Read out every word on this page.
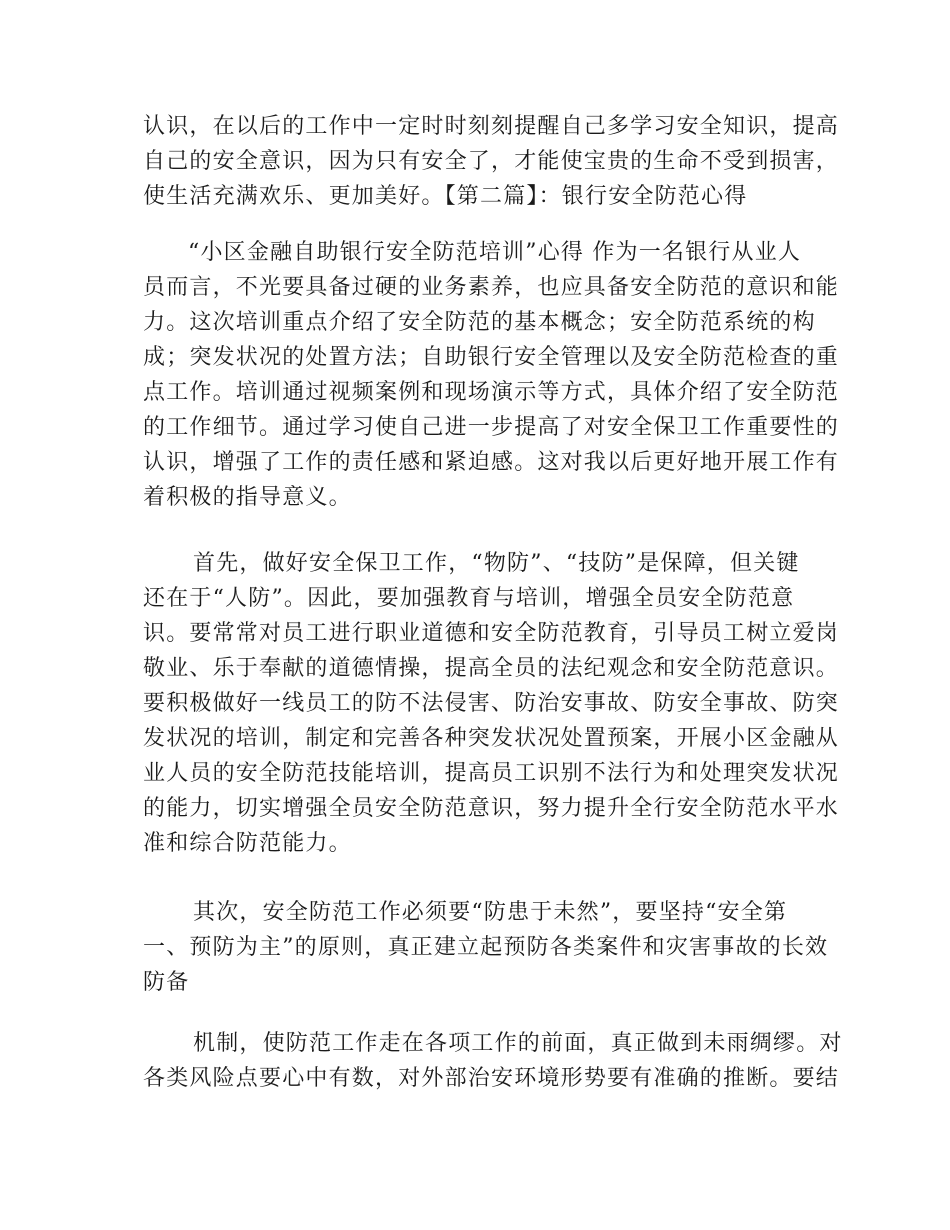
认识，在以后的工作中一定时时刻刻提醒自己多学习安全知识，提高
自己的安全意识，因为只有安全了，才能使宝贵的生命不受到损害，
使生活充满欢乐、更加美好。【第二篇】：银行安全防范心得
“小区金融自助银行安全防范培训”心得 作为一名银行从业人
员而言，不光要具备过硬的业务素养，也应具备安全防范的意识和能
力。这次培训重点介绍了安全防范的基本概念；安全防范系统的构
成；突发状况的处置方法；自助银行安全管理以及安全防范检查的重
点工作。培训通过视频案例和现场演示等方式，具体介绍了安全防范
的工作细节。通过学习使自己进一步提高了对安全保卫工作重要性的
认识，增强了工作的责任感和紧迫感。这对我以后更好地开展工作有
着积极的指导意义。
首先，做好安全保卫工作，“物防”、“技防”是保障，但关键
还在于“人防”。因此，要加强教育与培训，增强全员安全防范意
识。要常常对员工进行职业道德和安全防范教育，引导员工树立爱岗
敬业、乐于奉献的道德情操，提高全员的法纪观念和安全防范意识。
要积极做好一线员工的防不法侵害、防治安事故、防安全事故、防突
发状况的培训，制定和完善各种突发状况处置预案，开展小区金融从
业人员的安全防范技能培训，提高员工识别不法行为和处理突发状况
的能力，切实增强全员安全防范意识，努力提升全行安全防范水平水
准和综合防范能力。
其次，安全防范工作必须要“防患于未然”，要坚持“安全第
一、预防为主”的原则，真正建立起预防各类案件和灾害事故的长效
防备
机制，使防范工作走在各项工作的前面，真正做到未雨绸缪。对
各类风险点要心中有数，对外部治安环境形势要有准确的推断。要结
